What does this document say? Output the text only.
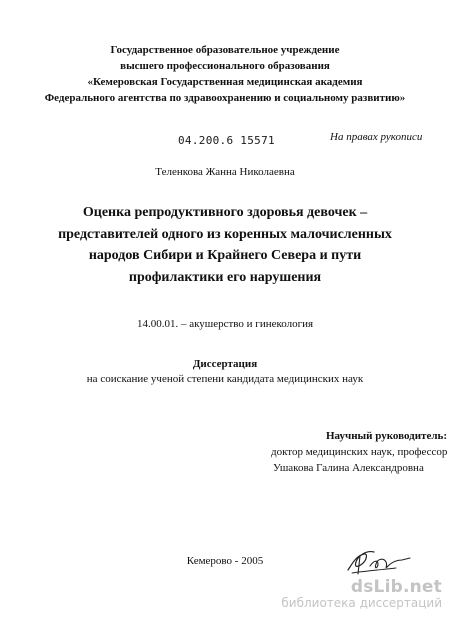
Государственное образовательное учреждение
высшего профессионального образования
«Кемеровская Государственная медицинская академия
Федерального агентства по здравоохранению и социальному развитию»
04.200.6 15571	На правах рукописи
Теленкова Жанна Николаевна
Оценка репродуктивного здоровья девочек –
представителей одного из коренных малочисленных
народов Сибири и Крайнего Севера и пути
профилактики его нарушения
14.00.01. – акушерство и гинекология
Диссертация
на соискание ученой степени кандидата медицинских наук
Научный руководитель:
доктор медицинских наук, профессор
Ушакова Галина Александровна
Кемерово - 2005
dsLib.net
библиотека диссертаций
